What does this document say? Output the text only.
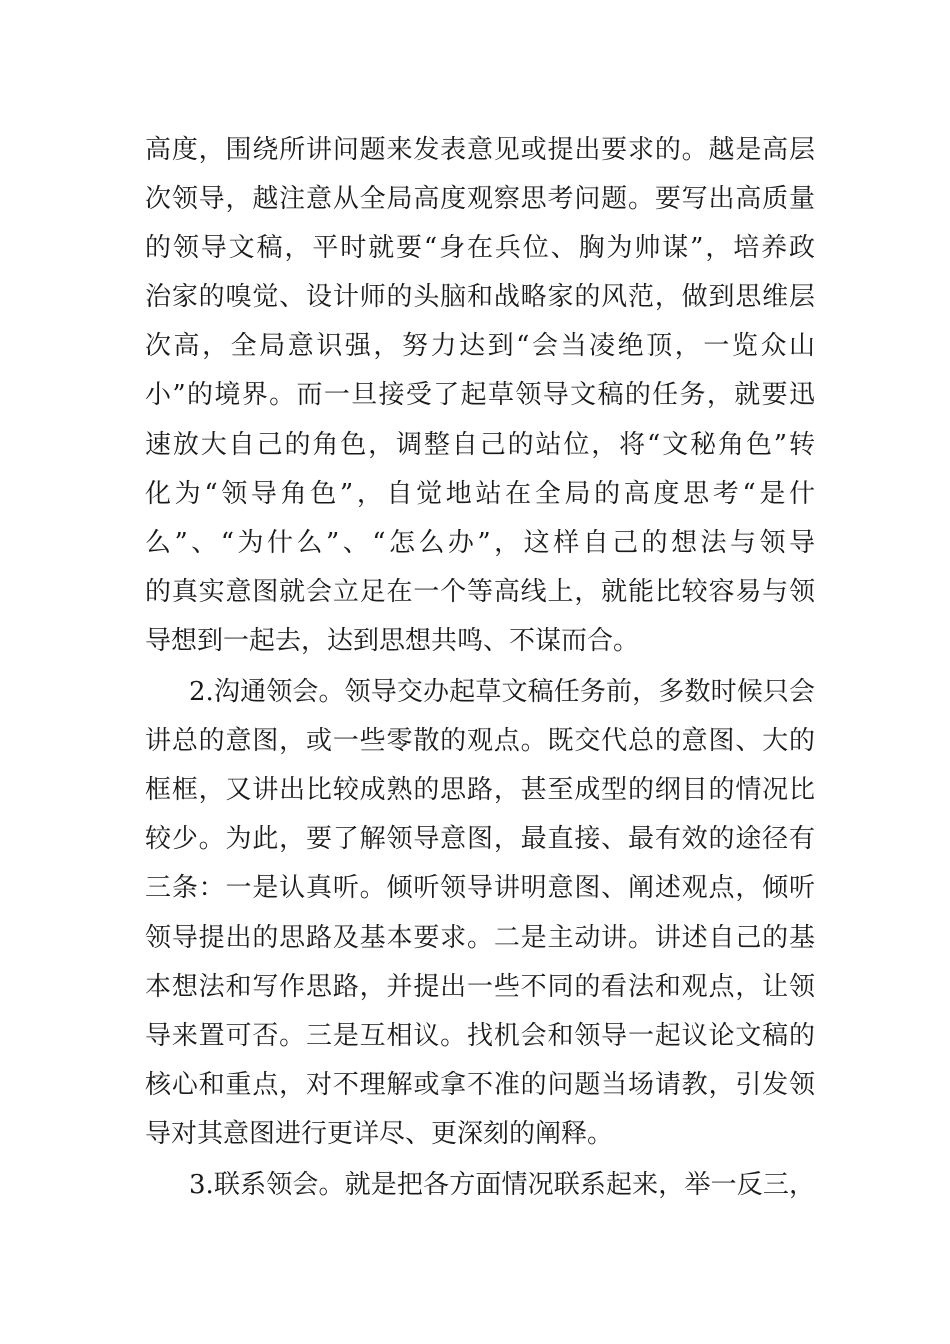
高度，围绕所讲问题来发表意见或提出要求的。越是高层
次领导，越注意从全局高度观察思考问题。要写出高质量
的领导文稿，平时就要“身在兵位、胸为帅谋”，培养政
治家的嗅觉、设计师的头脑和战略家的风范，做到思维层
次高，全局意识强，努力达到“会当凌绝顶，一览众山
小”的境界。而一旦接受了起草领导文稿的任务，就要迅
速放大自己的角色，调整自己的站位，将“文秘角色”转
化为“领导角色”，自觉地站在全局的高度思考“是什
么”、“为什么”、“怎么办”，这样自己的想法与领导
的真实意图就会立足在一个等高线上，就能比较容易与领
导想到一起去，达到思想共鸣、不谋而合。
2.沟通领会。领导交办起草文稿任务前，多数时候只会
讲总的意图，或一些零散的观点。既交代总的意图、大的
框框，又讲出比较成熟的思路，甚至成型的纲目的情况比
较少。为此，要了解领导意图，最直接、最有效的途径有
三条：一是认真听。倾听领导讲明意图、阐述观点，倾听
领导提出的思路及基本要求。二是主动讲。讲述自己的基
本想法和写作思路，并提出一些不同的看法和观点，让领
导来置可否。三是互相议。找机会和领导一起议论文稿的
核心和重点，对不理解或拿不准的问题当场请教，引发领
导对其意图进行更详尽、更深刻的阐释。
3.联系领会。就是把各方面情况联系起来，举一反三，
